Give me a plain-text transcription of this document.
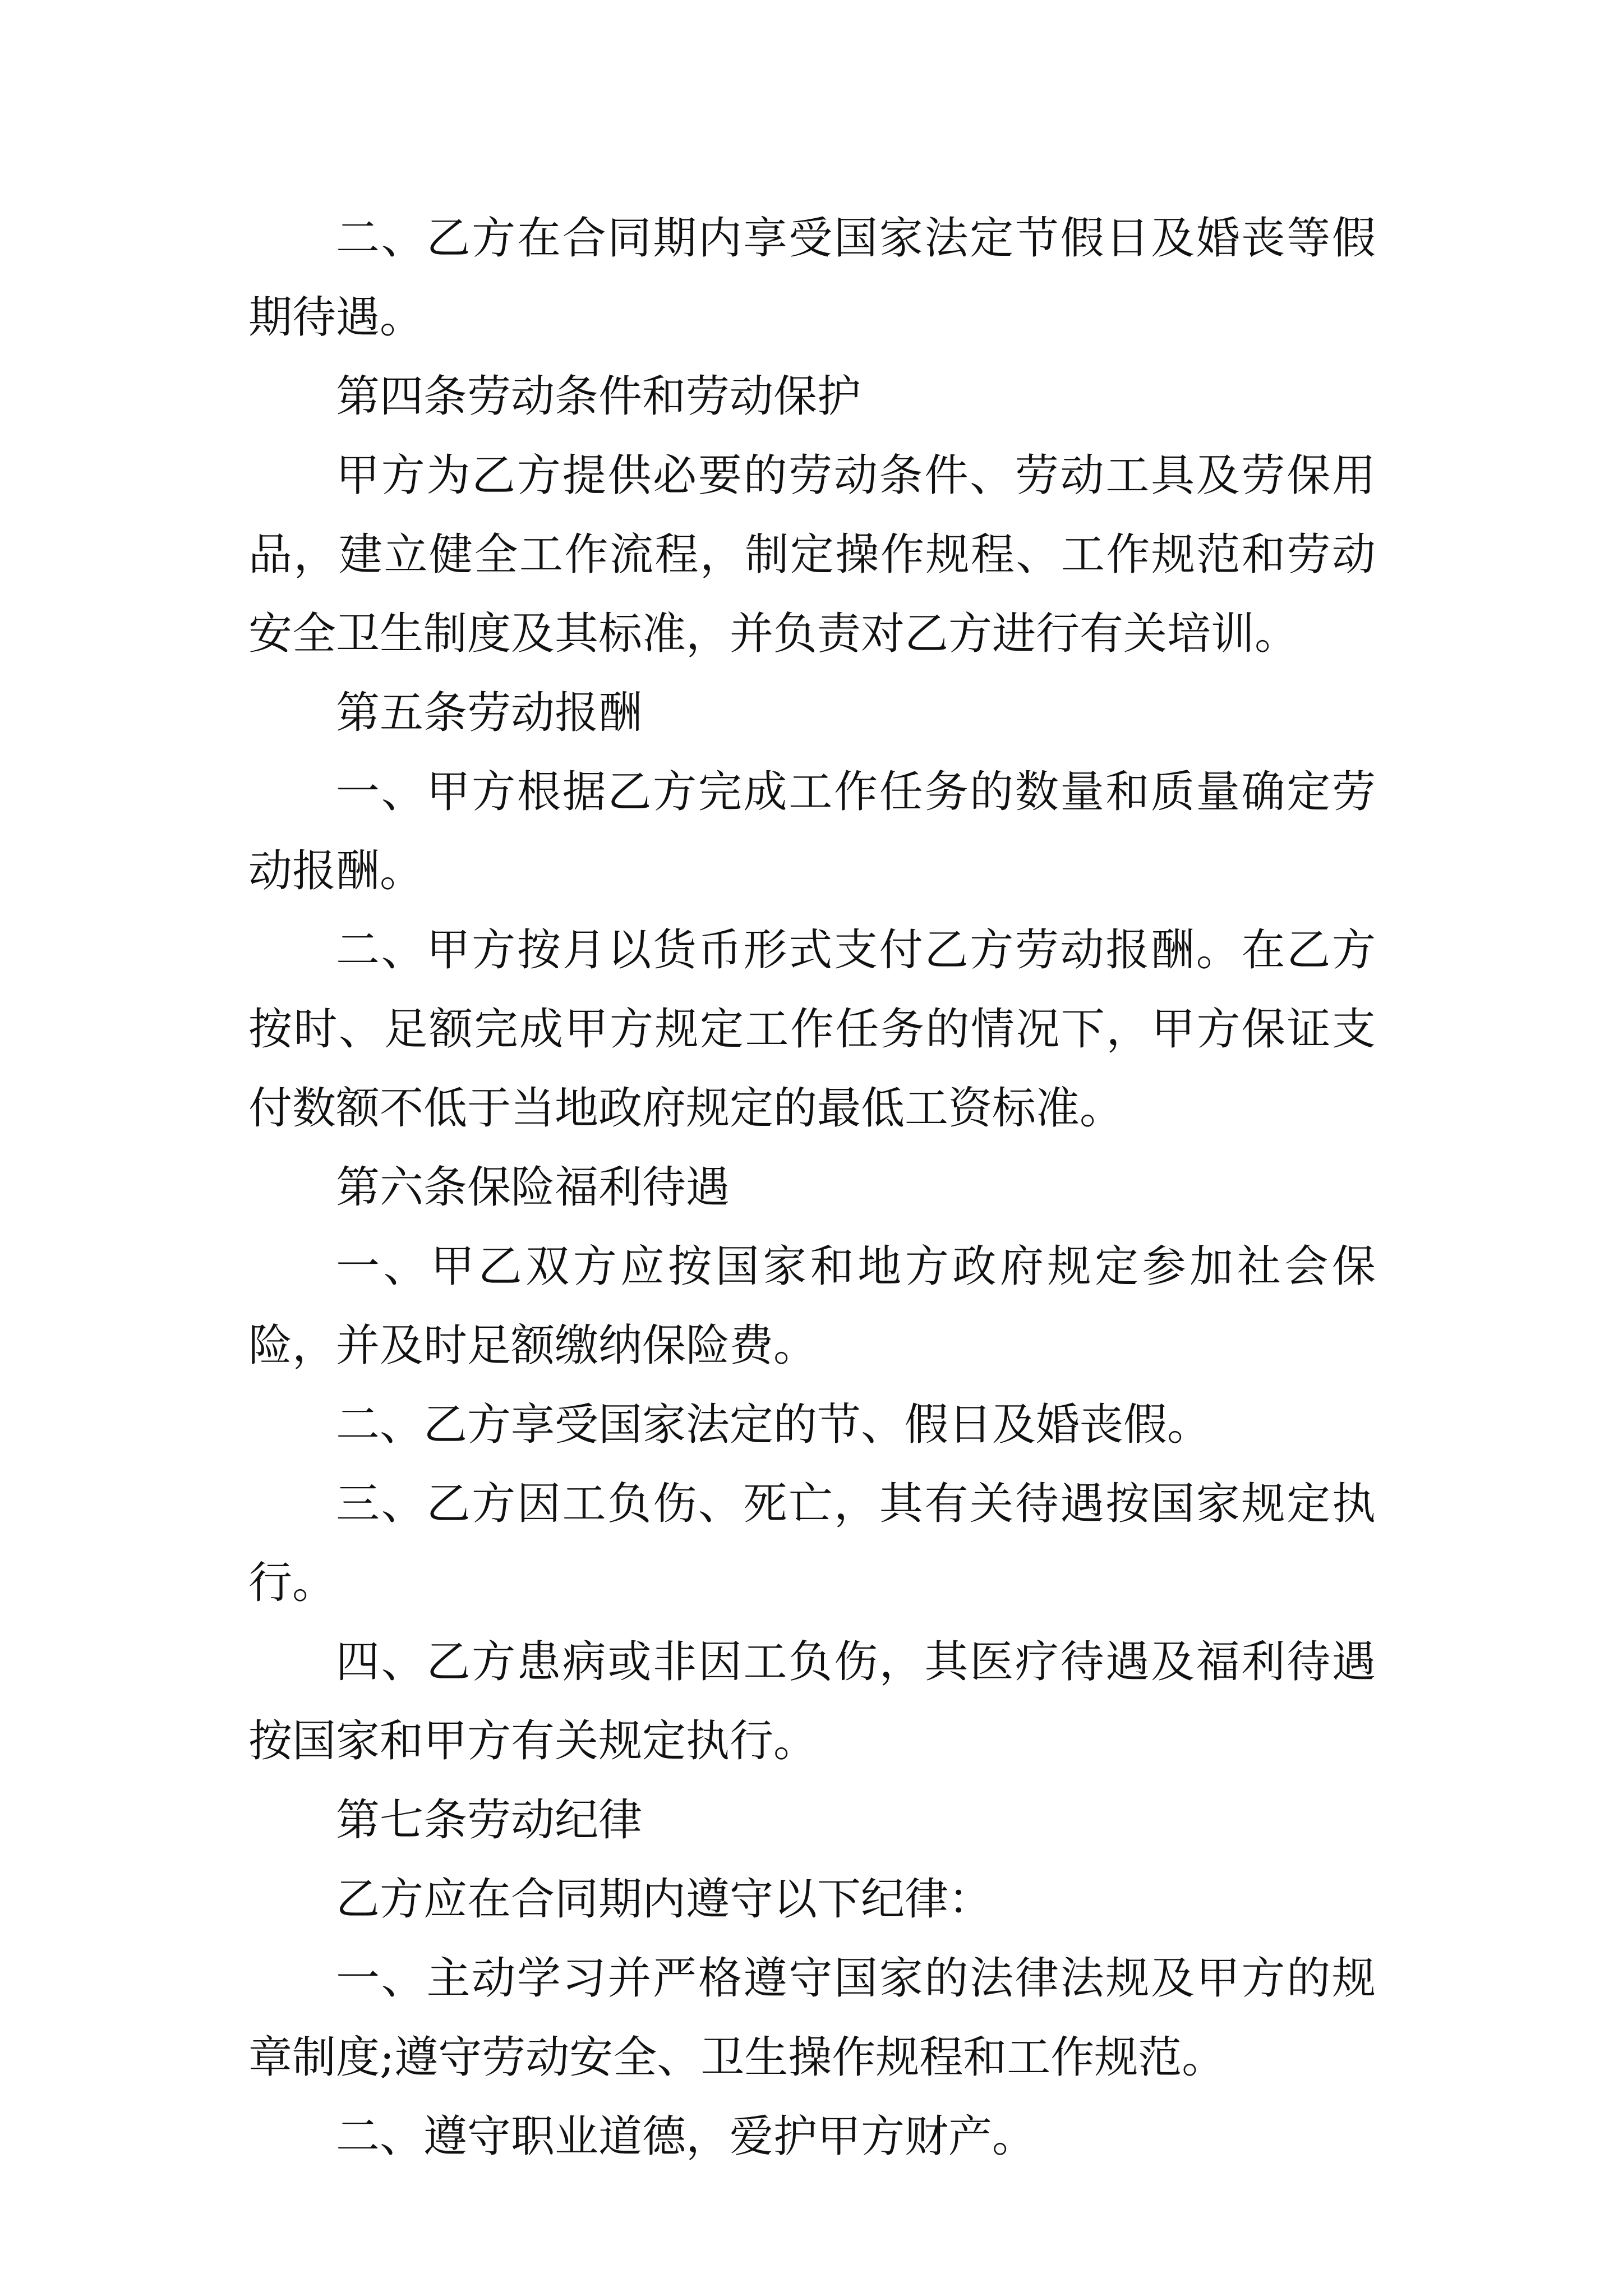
二、乙方在合同期内享受国家法定节假日及婚丧等假期待遇。

第四条劳动条件和劳动保护

甲方为乙方提供必要的劳动条件、劳动工具及劳保用品，建立健全工作流程，制定操作规程、工作规范和劳动安全卫生制度及其标准，并负责对乙方进行有关培训。

第五条劳动报酬

一、甲方根据乙方完成工作任务的数量和质量确定劳动报酬。

二、甲方按月以货币形式支付乙方劳动报酬。在乙方按时、足额完成甲方规定工作任务的情况下，甲方保证支付数额不低于当地政府规定的最低工资标准。

第六条保险福利待遇

一、甲乙双方应按国家和地方政府规定参加社会保险，并及时足额缴纳保险费。

二、乙方享受国家法定的节、假日及婚丧假。

三、乙方因工负伤、死亡，其有关待遇按国家规定执行。

四、乙方患病或非因工负伤，其医疗待遇及福利待遇按国家和甲方有关规定执行。

第七条劳动纪律

乙方应在合同期内遵守以下纪律：

一、主动学习并严格遵守国家的法律法规及甲方的规章制度;遵守劳动安全、卫生操作规程和工作规范。

二、遵守职业道德，爱护甲方财产。
